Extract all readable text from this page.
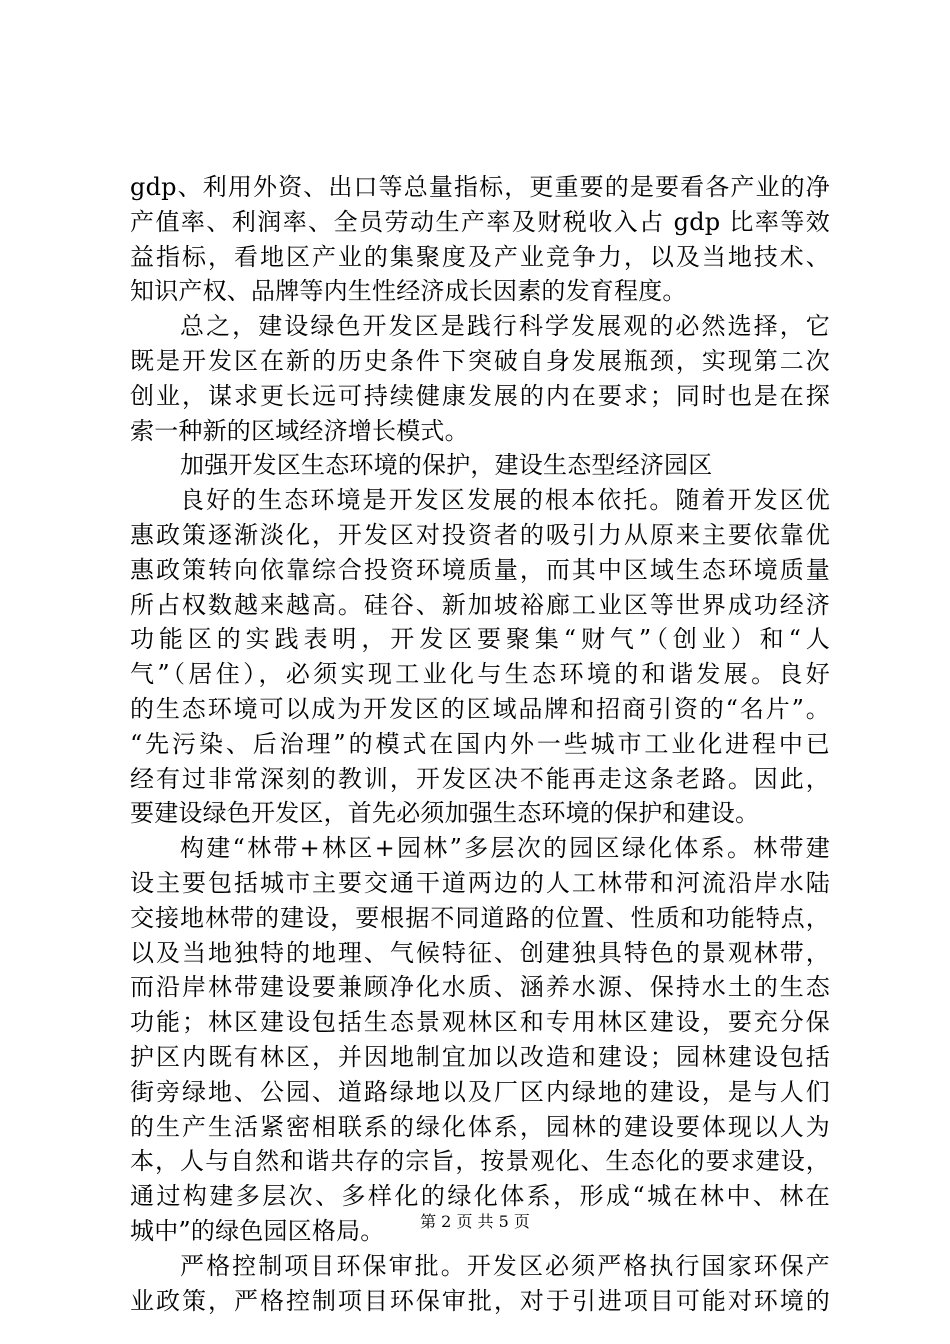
gdp、利用外资、出口等总量指标，更重要的是要看各产业的净
产值率、利润率、全员劳动生产率及财税收入占 gdp 比率等效
益指标，看地区产业的集聚度及产业竞争力，以及当地技术、
知识产权、品牌等内生性经济成长因素的发育程度。
总之，建设绿色开发区是践行科学发展观的必然选择，它
既是开发区在新的历史条件下突破自身发展瓶颈，实现第二次
创业，谋求更长远可持续健康发展的内在要求；同时也是在探
索一种新的区域经济增长模式。
加强开发区生态环境的保护，建设生态型经济园区
良好的生态环境是开发区发展的根本依托。随着开发区优
惠政策逐渐淡化，开发区对投资者的吸引力从原来主要依靠优
惠政策转向依靠综合投资环境质量，而其中区域生态环境质量
所占权数越来越高。硅谷、新加坡裕廊工业区等世界成功经济
功能区的实践表明，开发区要聚集“财气”（创业）和“人
气”（居住），必须实现工业化与生态环境的和谐发展。良好
的生态环境可以成为开发区的区域品牌和招商引资的“名片”。
“先污染、后治理”的模式在国内外一些城市工业化进程中已
经有过非常深刻的教训，开发区决不能再走这条老路。因此，
要建设绿色开发区，首先必须加强生态环境的保护和建设。
构建“林带+林区+园林”多层次的园区绿化体系。林带建
设主要包括城市主要交通干道两边的人工林带和河流沿岸水陆
交接地林带的建设，要根据不同道路的位置、性质和功能特点，
以及当地独特的地理、气候特征、创建独具特色的景观林带，
而沿岸林带建设要兼顾净化水质、涵养水源、保持水土的生态
功能；林区建设包括生态景观林区和专用林区建设，要充分保
护区内既有林区，并因地制宜加以改造和建设；园林建设包括
街旁绿地、公园、道路绿地以及厂区内绿地的建设，是与人们
的生产生活紧密相联系的绿化体系，园林的建设要体现以人为
本，人与自然和谐共存的宗旨，按景观化、生态化的要求建设，
通过构建多层次、多样化的绿化体系，形成“城在林中、林在
城中”的绿色园区格局。
严格控制项目环保审批。开发区必须严格执行国家环保产
业政策，严格控制项目环保审批，对于引进项目可能对环境的
第 2 页 共 5 页
